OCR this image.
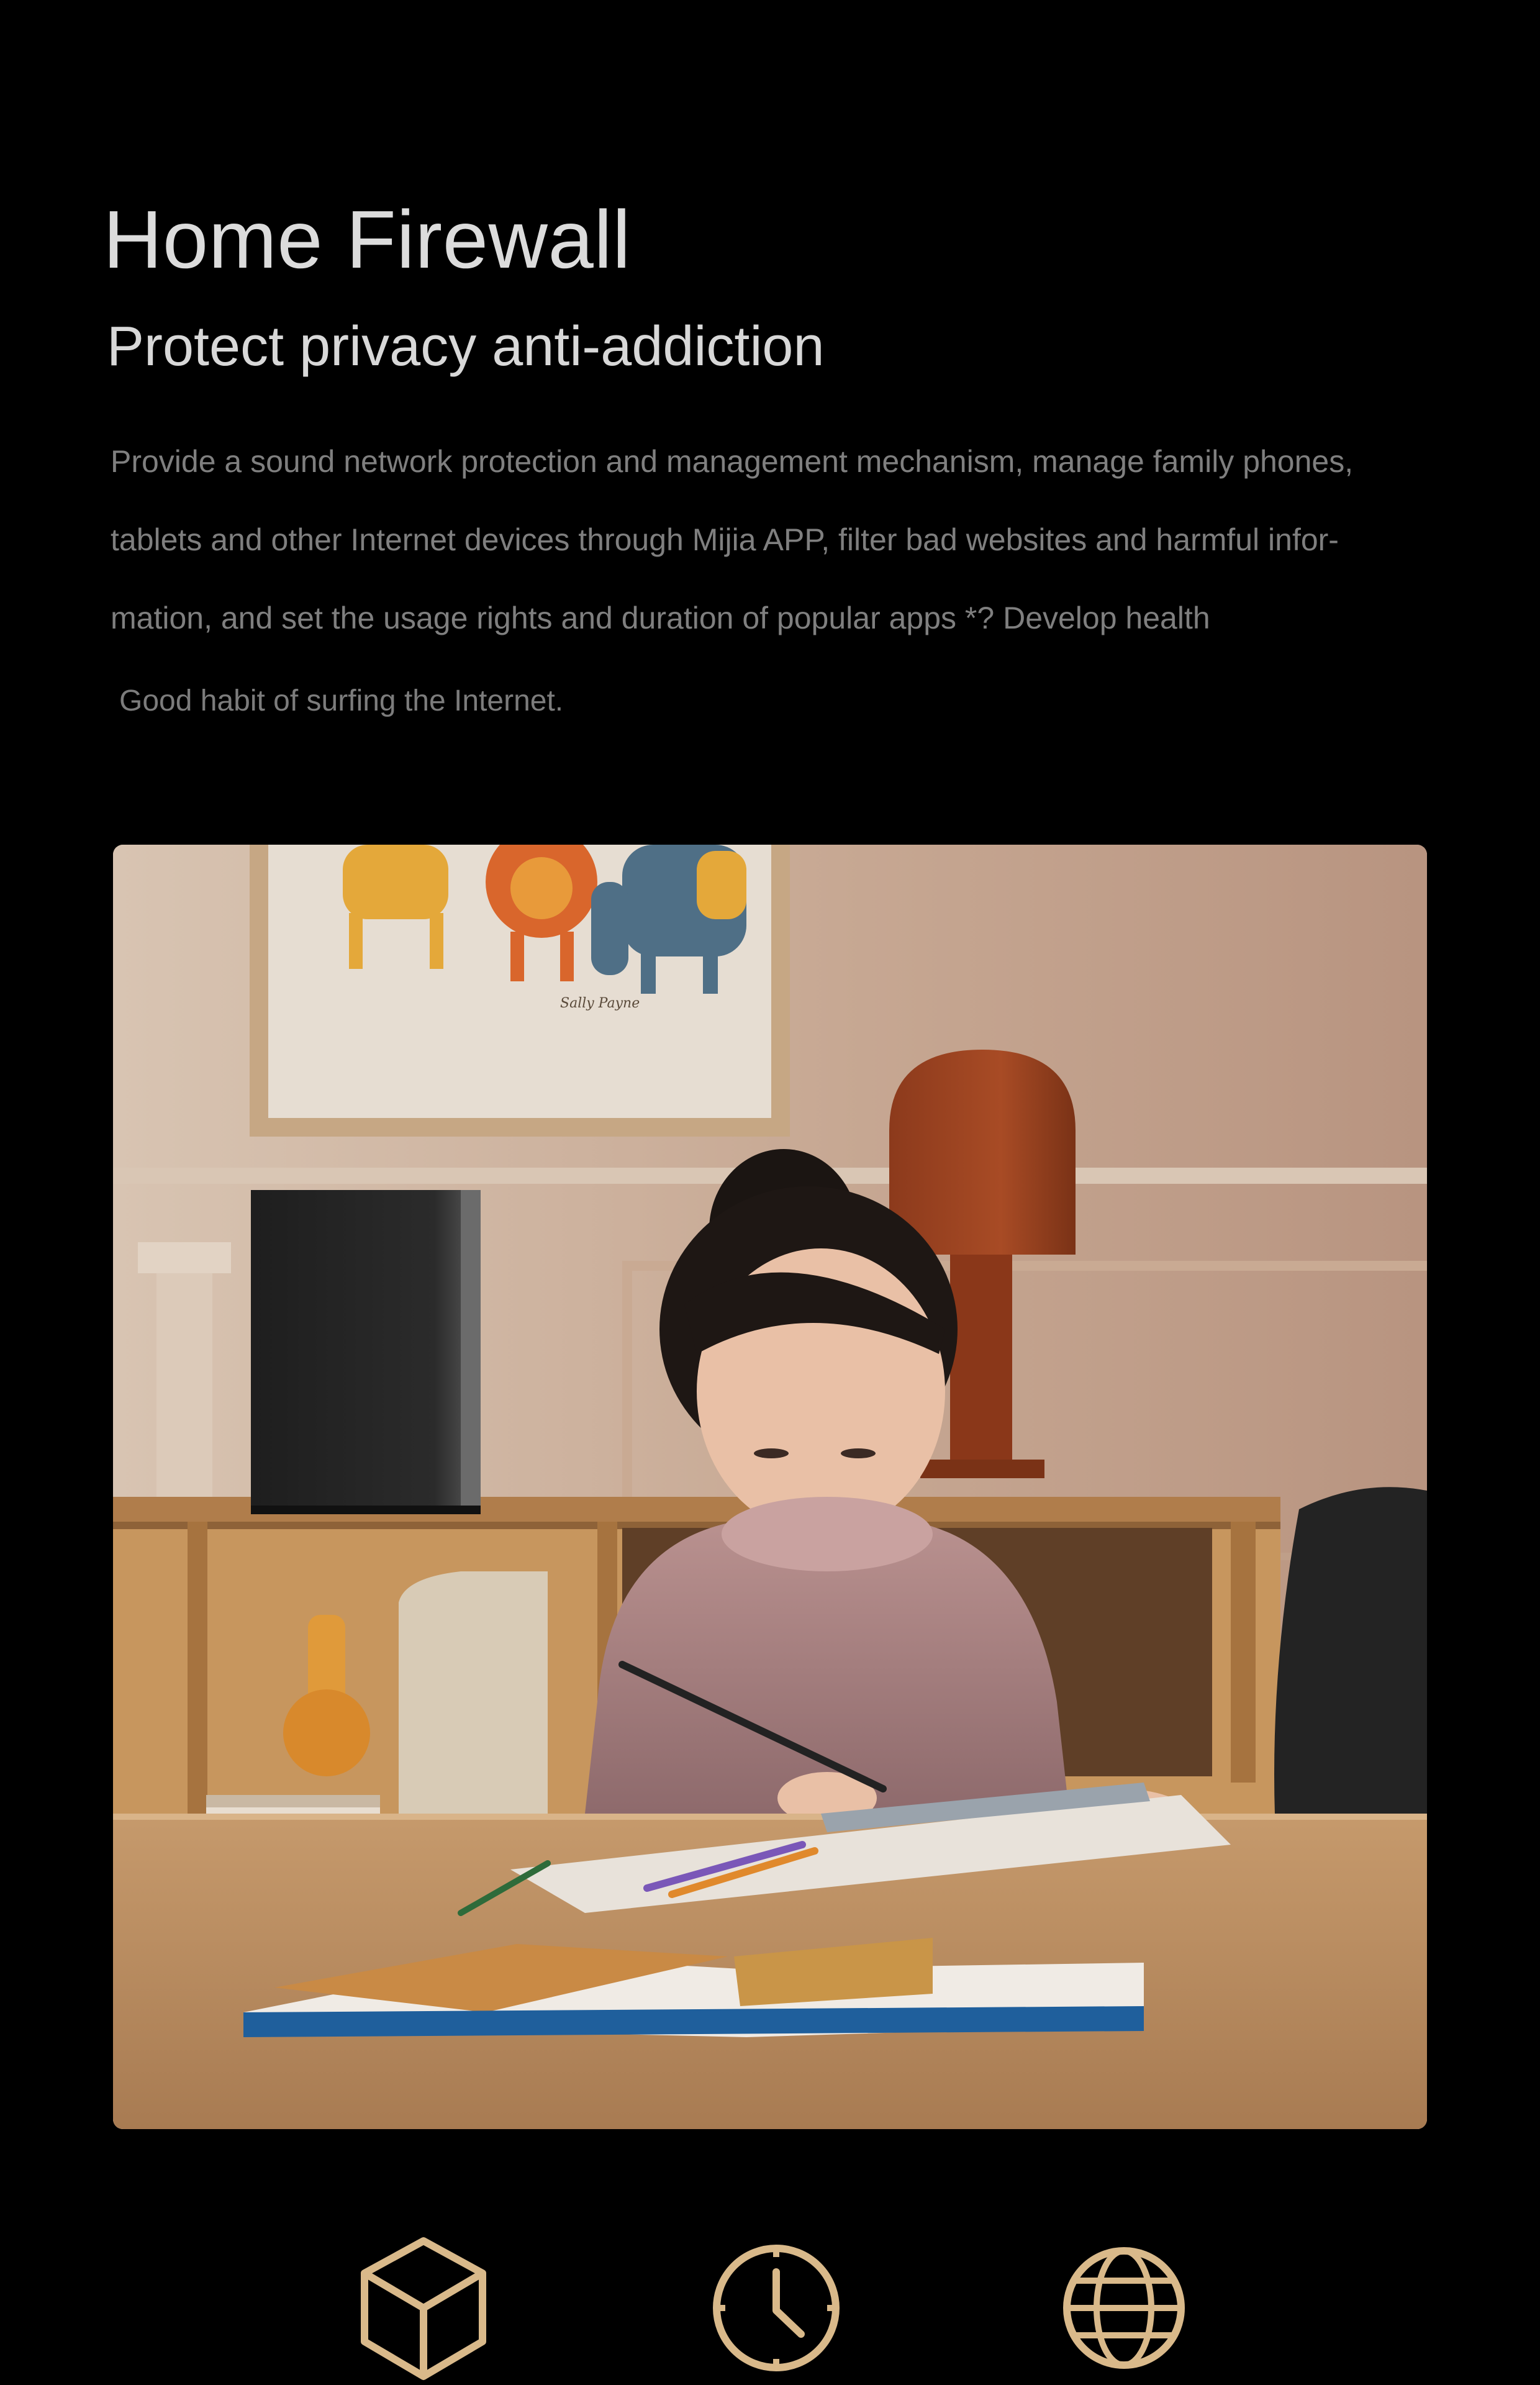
Home Firewall
Protect privacy anti-addiction
Provide a sound network protection and management mechanism, manage family phones,
tablets and other Internet devices through Mijia APP, filter bad websites and harmful infor-
mation, and set the usage rights and duration of popular apps *? Develop health
Good habit of surfing the Internet.
Sally Payne
